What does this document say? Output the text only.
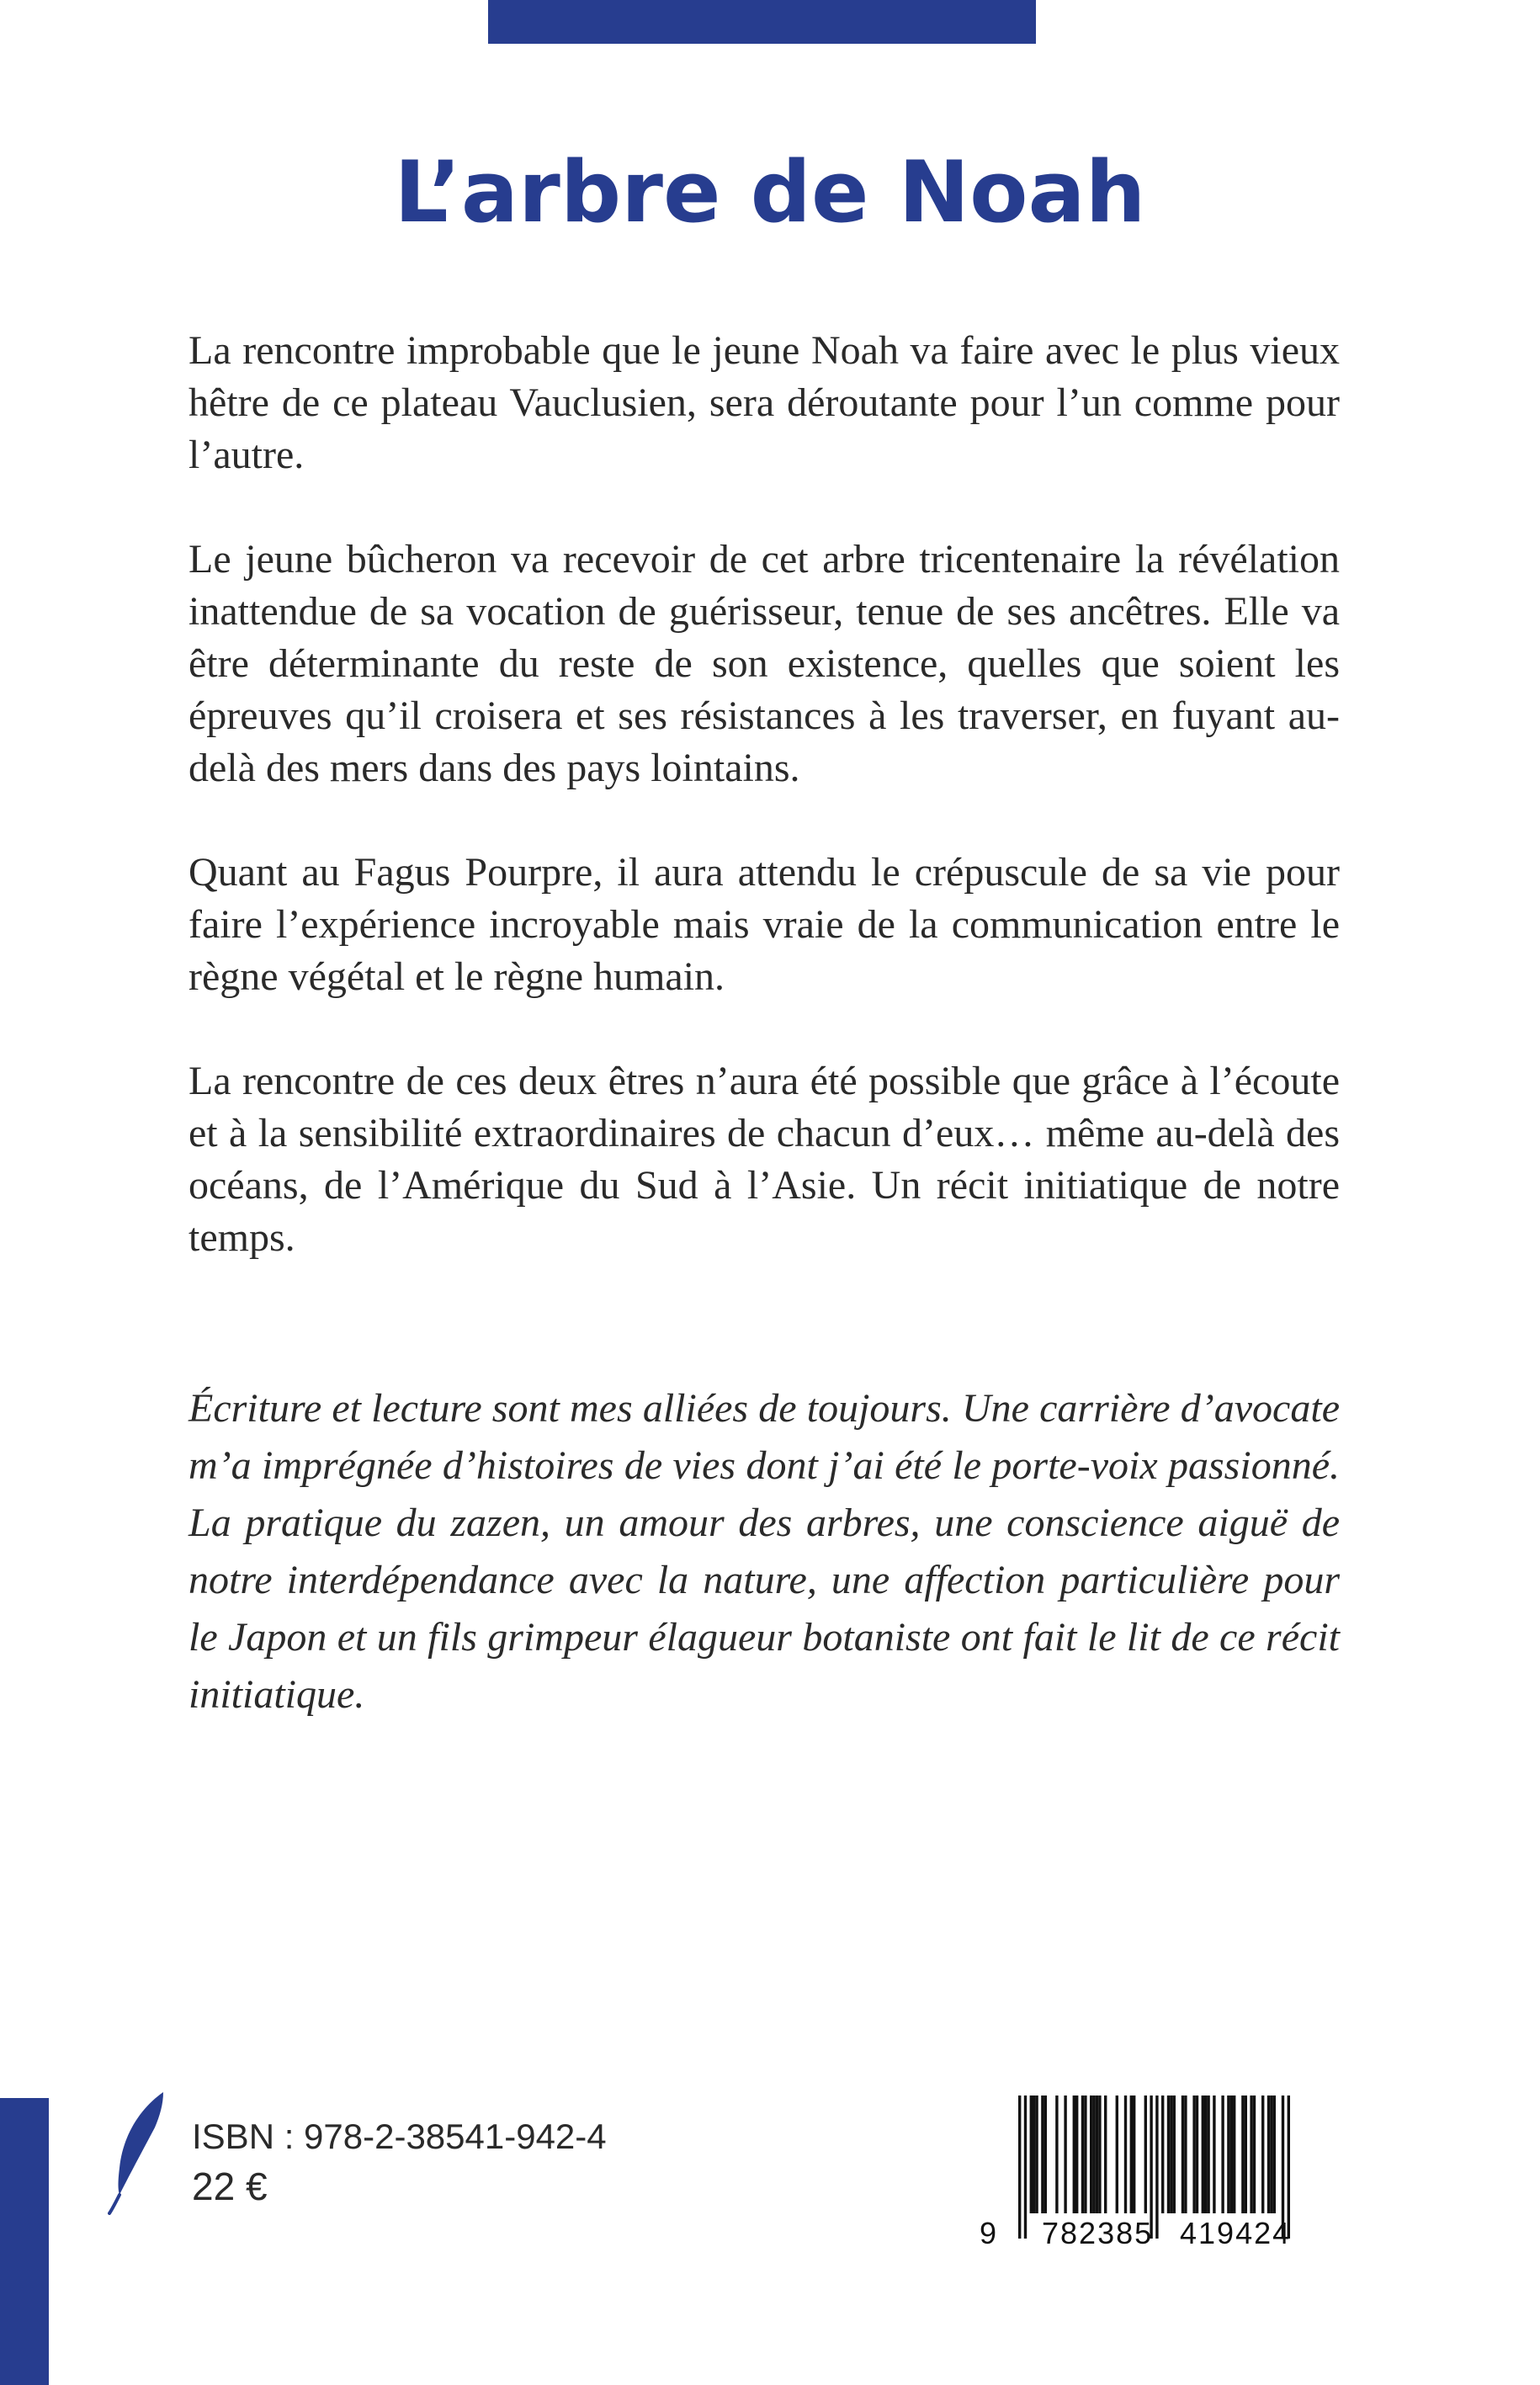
L’arbre de Noah

La rencontre improbable que le jeune Noah va faire avec le plus vieux hêtre de ce plateau Vauclusien, sera déroutante pour l’un comme pour l’autre.

Le jeune bûcheron va recevoir de cet arbre tricentenaire la révélation inattendue de sa vocation de guérisseur, tenue de ses ancêtres. Elle va être déterminante du reste de son existence, quelles que soient les épreuves qu’il croisera et ses résistances à les traverser, en fuyant au-delà des mers dans des pays lointains.

Quant au Fagus Pourpre, il aura attendu le crépuscule de sa vie pour faire l’expérience incroyable mais vraie de la communication entre le règne végétal et le règne humain.

La rencontre de ces deux êtres n’aura été possible que grâce à l’écoute et à la sensibilité extraordinaires de chacun d’eux… même au-delà des océans, de l’Amérique du Sud à l’Asie. Un récit initiatique de notre temps.

Écriture et lecture sont mes alliées de toujours. Une carrière d’avocate m’a imprégnée d’histoires de vies dont j’ai été le porte-voix passionné. La pratique du zazen, un amour des arbres, une conscience aiguë de notre interdépendance avec la nature, une affection particulière pour le Japon et un fils grimpeur élagueur botaniste ont fait le lit de ce récit initiatique.

ISBN : 978-2-38541-942-4
22 €
9 782385 419424
